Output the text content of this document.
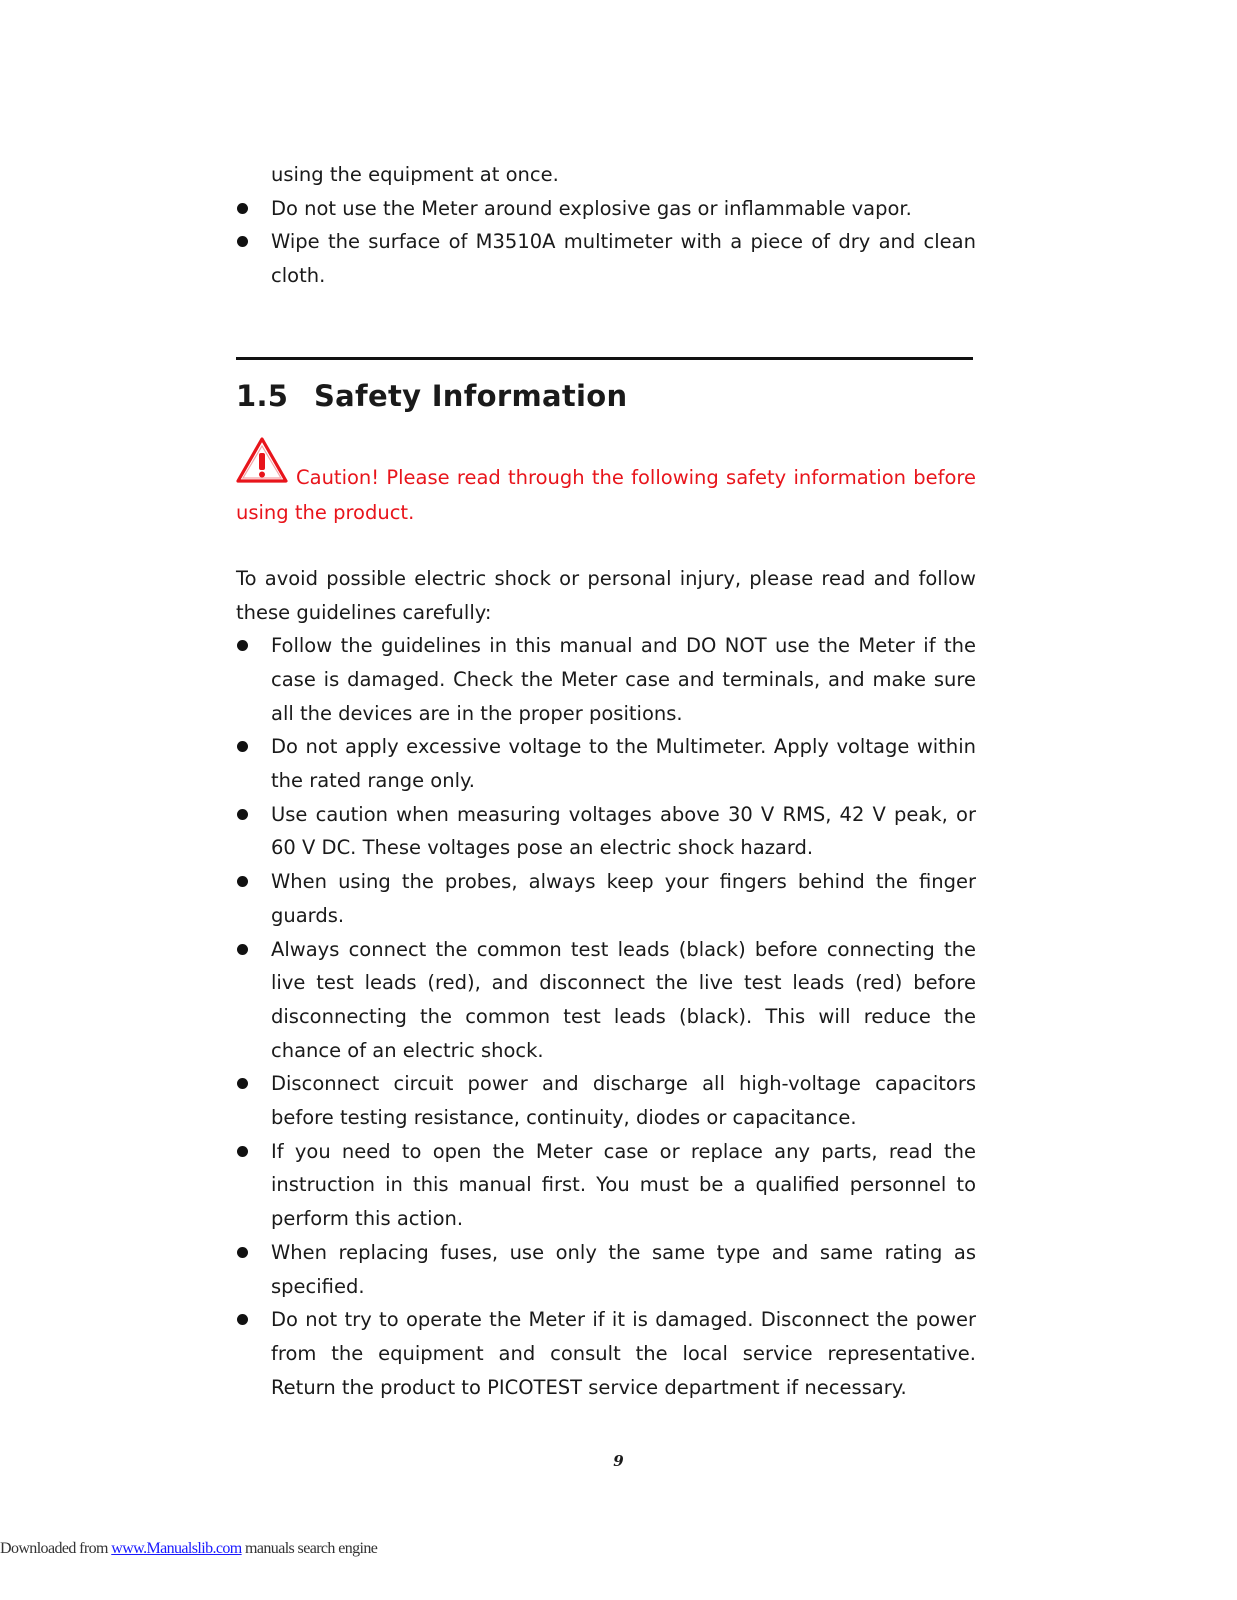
using the equipment at once.
Do not use the Meter around explosive gas or inflammable vapor.
Wipe the surface of M3510A multimeter with a piece of dry and clean cloth.
1.5 Safety Information
Caution! Please read through the following safety information before using the product.

To avoid possible electric shock or personal injury, please read and follow these guidelines carefully:

Follow the guidelines in this manual and DO NOT use the Meter if the case is damaged. Check the Meter case and terminals, and make sure all the devices are in the proper positions.
Do not apply excessive voltage to the Multimeter. Apply voltage within the rated range only.
Use caution when measuring voltages above 30 V RMS, 42 V peak, or 60 V DC. These voltages pose an electric shock hazard.
When using the probes, always keep your fingers behind the finger guards.
Always connect the common test leads (black) before connecting the live test leads (red), and disconnect the live test leads (red) before disconnecting the common test leads (black). This will reduce the chance of an electric shock.
Disconnect circuit power and discharge all high-voltage capacitors before testing resistance, continuity, diodes or capacitance.
If you need to open the Meter case or replace any parts, read the instruction in this manual first. You must be a qualified personnel to perform this action.
When replacing fuses, use only the same type and same rating as specified.
Do not try to operate the Meter if it is damaged. Disconnect the power from the equipment and consult the local service representative. Return the product to PICOTEST service department if necessary.
9
Downloaded from www.Manualslib.com manuals search engine
